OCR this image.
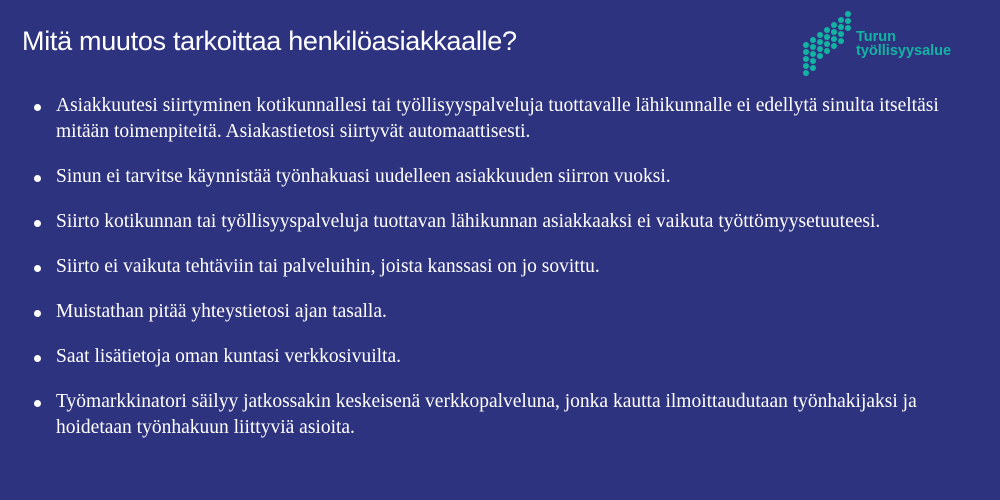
Mitä muutos tarkoittaa henkilöasiakkaalle?	Turun
työllisyysalue
Asiakkuutesi siirtyminen kotikunnallesi tai työllisyyspalveluja tuottavalle lähikunnalle ei edellytä sinulta itseltäsi mitään toimenpiteitä. Asiakastietosi siirtyvät automaattisesti.
Sinun ei tarvitse käynnistää työnhakuasi uudelleen asiakkuuden siirron vuoksi.
Siirto kotikunnan tai työllisyyspalveluja tuottavan lähikunnan asiakkaaksi ei vaikuta työttömyysetuuteesi.
Siirto ei vaikuta tehtäviin tai palveluihin, joista kanssasi on jo sovittu.
Muistathan pitää yhteystietosi ajan tasalla.
Saat lisätietoja oman kuntasi verkkosivuilta.
Työmarkkinatori säilyy jatkossakin keskeisenä verkkopalveluna, jonka kautta ilmoittaudutaan työnhakijaksi ja hoidetaan työnhakuun liittyviä asioita.
